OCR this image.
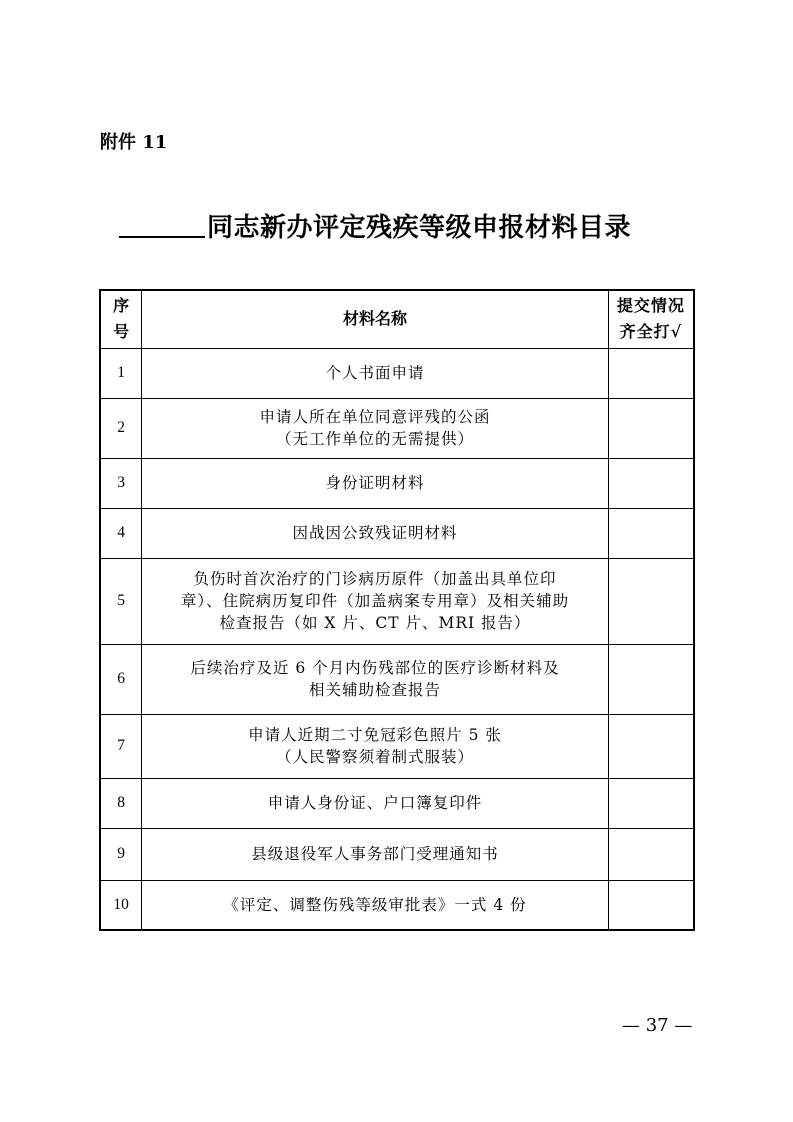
附件 11
同志新办评定残疾等级申报材料目录
序号	材料名称	提交情况
齐全打√

1	个人书面申请	

2	申请人所在单位同意评残的公函
（无工作单位的无需提供）	

3	身份证明材料	

4	因战因公致残证明材料	

5	负伤时首次治疗的门诊病历原件（加盖出具单位印
章）、住院病历复印件（加盖病案专用章）及相关辅助
检查报告（如 X 片、CT 片、MRI 报告）	

6	后续治疗及近 6 个月内伤残部位的医疗诊断材料及
相关辅助检查报告	

7	申请人近期二寸免冠彩色照片 5 张
（人民警察须着制式服装）	

8	申请人身份证、户口簿复印件	

9	县级退役军人事务部门受理通知书	

10	《评定、调整伤残等级审批表》一式 4 份	

— 37 —
